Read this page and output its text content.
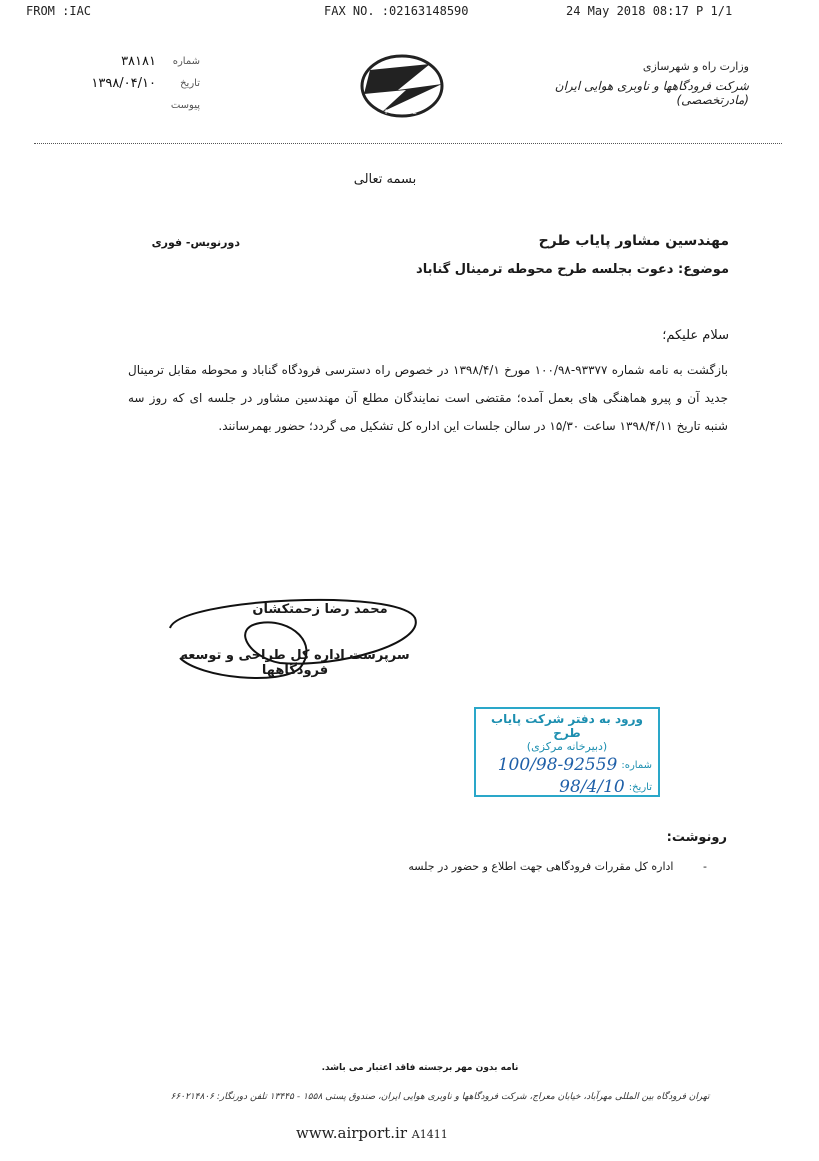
FROM :IAC	FAX NO. :02163148590	24 May 2018 08:17 P 1/1
شماره
۳۸۱۸۱
تاریخ
۱۳۹۸/۰۴/۱۰
پیوست
IAC
وزارت راه و شهرسازی
شرکت فرودگاهها و ناوبری هوایی ایران (مادرتخصصی)
بسمه تعالی
دورنویس- فوری	مهندسین مشاور پایاب طرح
موضوع: دعوت بجلسه طرح محوطه ترمینال گناباد
سلام علیکم؛
بازگشت به نامه شماره ۹۳۳۷۷-۱۰۰/۹۸ مورخ ۱۳۹۸/۴/۱ در خصوص راه دسترسی فرودگاه گناباد و محوطه مقابل ترمینال جدید آن و پیرو هماهنگی های بعمل آمده؛ مقتضی است نمایندگان مطلع آن مهندسین مشاور در جلسه ای که روز سه شنبه تاریخ ۱۳۹۸/۴/۱۱ ساعت ۱۵/۳۰ در سالن جلسات این اداره کل تشکیل می گردد؛ حضور بهمرسانند.
محمد رضا زحمتکشان
سرپرست اداره کل طراحی و توسعه فرودگاهها
ورود به دفتر شرکت پایاب طرح
(دبیرخانه مرکزی)
شماره:
100/98-92559
تاریخ:
98/4/10
رونوشت:
- اداره کل مقررات فرودگاهی جهت اطلاع و حضور در جلسه
نامه بدون مهر برجسته فاقد اعتبار می باشد.
تهران فرودگاه بین المللی مهرآباد، خیابان معراج، شرکت فرودگاهها و ناوبری هوایی ایران، صندوق پستی ۱۵۵۸ - ۱۳۴۴۵ تلفن دورنگار: ۶۶۰۲۱۴۸۰۶
www.airport.ir A1411
